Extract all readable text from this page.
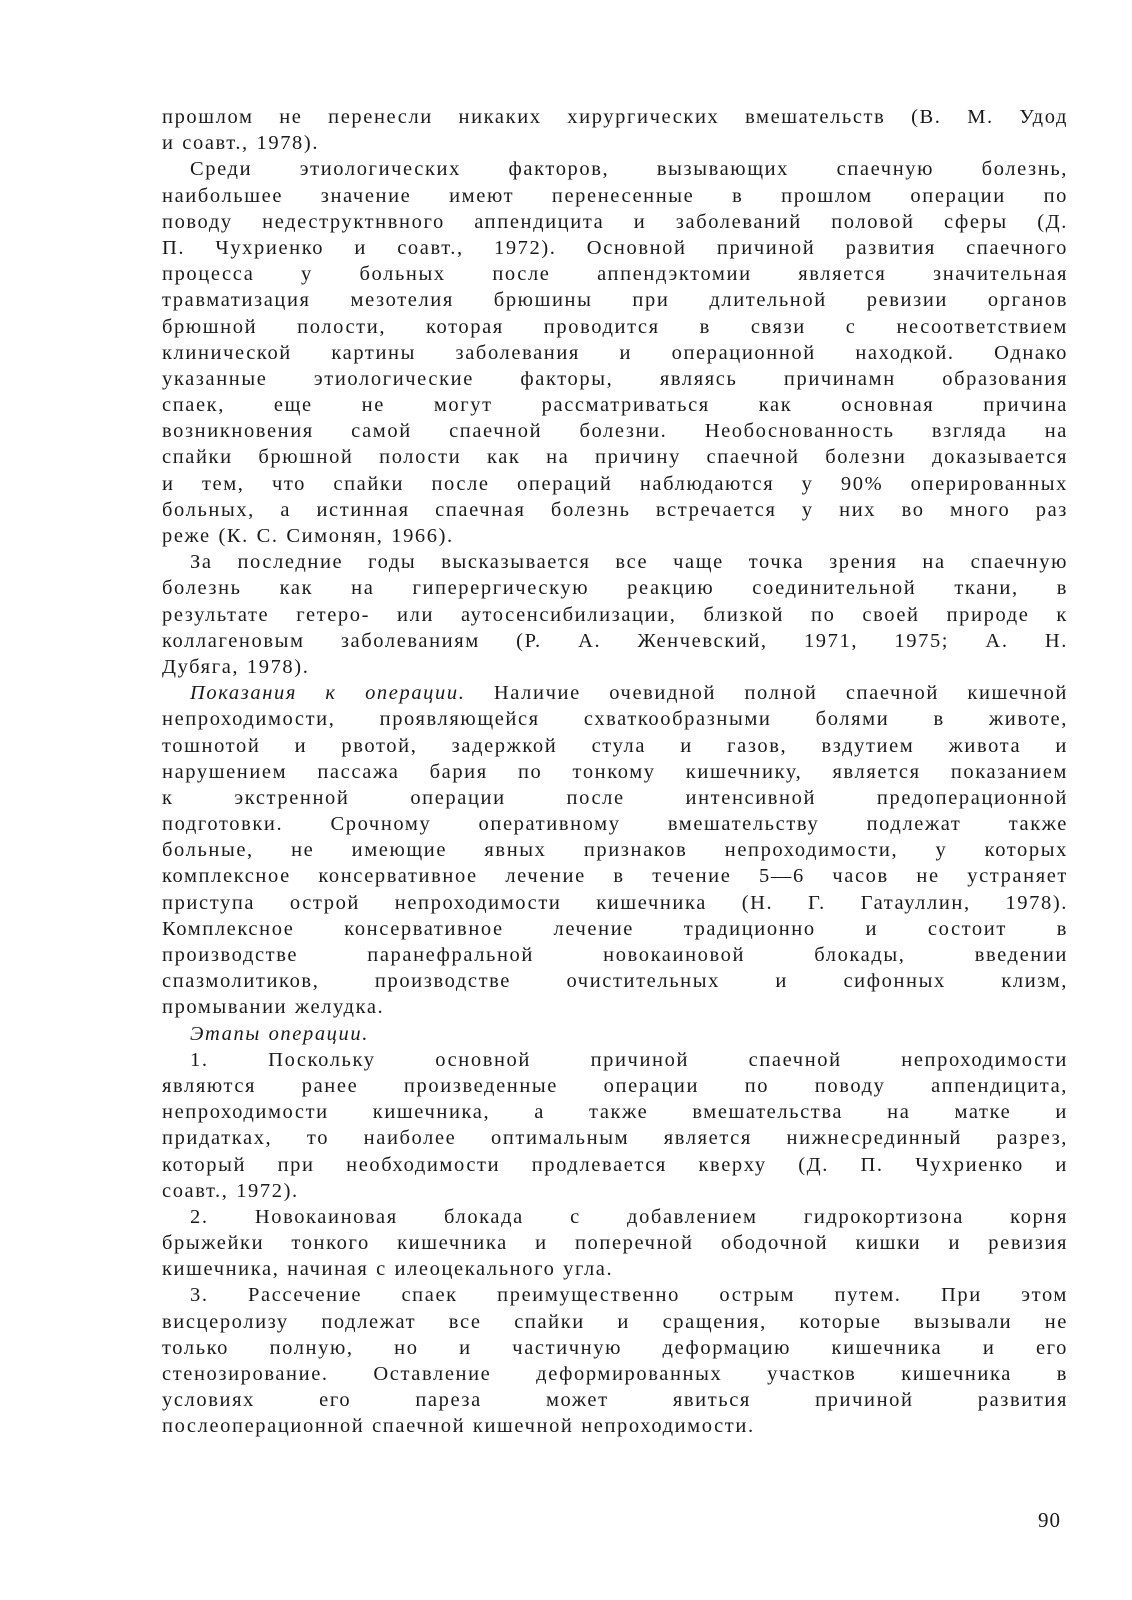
прошлом не перенесли никаких хирургических вмешательств (В. М. Удод
и соавт., 1978).
Среди этиологических факторов, вызывающих спаечную болезнь,
наибольшее значение имеют перенесенные в прошлом операции по
поводу недеструктнвного аппендицита и заболеваний половой сферы (Д.
П. Чухриенко и соавт., 1972). Основной причиной развития спаечного
процесса у больных после аппендэктомии является значительная
травматизация мезотелия брюшины при длительной ревизии органов
брюшной полости, которая проводится в связи с несоответствием
клинической картины заболевания и операционной находкой. Однако
указанные этиологические факторы, являясь причинамн образования
спаек, еще не могут рассматриваться как основная причина
возникновения самой спаечной болезни. Необоснованность взгляда на
спайки брюшной полости как на причину спаечной болезни доказывается
и тем, что спайки после операций наблюдаются у 90% оперированных
больных, а истинная спаечная болезнь встречается у них во много раз
реже (К. С. Симонян, 1966).
За последние годы высказывается все чаще точка зрения на спаечную
болезнь как на гиперергическую реакцию соединительной ткани, в
результате гетеро- или аутосенсибилизации, близкой по своей природе к
коллагеновым заболеваниям (Р. А. Женчевский, 1971, 1975; А. Н.
Дубяга, 1978).
Показания к операции. Наличие очевидной полной спаечной кишечной
непроходимости, проявляющейся схваткообразными болями в животе,
тошнотой и рвотой, задержкой стула и газов, вздутием живота и
нарушением пассажа бария по тонкому кишечнику, является показанием
к экстренной операции после интенсивной предоперационной
подготовки. Срочному оперативному вмешательству подлежат также
больные, не имеющие явных признаков непроходимости, у которых
комплексное консервативное лечение в течение 5—6 часов не устраняет
приступа острой непроходимости кишечника (Н. Г. Гатауллин, 1978).
Комплексное консервативное лечение традиционно и состоит в
производстве паранефральной новокаиновой блокады, введении
спазмолитиков, производстве очистительных и сифонных клизм,
промывании желудка.
Этапы операции.
1. Поскольку основной причиной спаечной непроходимости
являются ранее произведенные операции по поводу аппендицита,
непроходимости кишечника, а также вмешательства на матке и
придатках, то наиболее оптимальным является нижнесрединный разрез,
который при необходимости продлевается кверху (Д. П. Чухриенко и
соавт., 1972).
2. Новокаиновая блокада с добавлением гидрокортизона корня
брыжейки тонкого кишечника и поперечной ободочной кишки и ревизия
кишечника, начиная с илеоцекального угла.
3. Рассечение спаек преимущественно острым путем. При этом
висцеролизу подлежат все спайки и сращения, которые вызывали не
только полную, но и частичную деформацию кишечника и его
стенозирование. Оставление деформированных участков кишечника в
условиях его пареза может явиться причиной развития
послеоперационной спаечной кишечной непроходимости.
90
